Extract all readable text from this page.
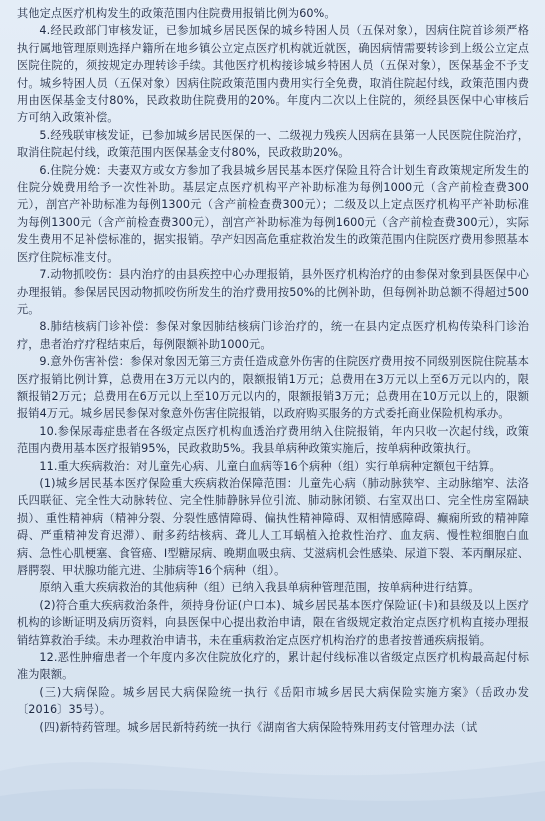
其他定点医疗机构发生的政策范围内住院费用报销比例为60%。

4.经民政部门审核发证，已参加城乡居民医保的城乡特困人员（五保对象），因病住院首诊须严格执行属地管理原则选择户籍所在地乡镇公立定点医疗机构就近就医，确因病情需要转诊到上级公立定点医院住院的，须按规定办理转诊手续。其他医疗机构接诊城乡特困人员（五保对象），医保基金不予支付。城乡特困人员（五保对象）因病住院政策范围内费用实行全免费，取消住院起付线，政策范围内费用由医保基金支付80%，民政救助住院费用的20%。年度内二次以上住院的，须经县医保中心审核后方可纳入政策补偿。

5.经残联审核发证，已参加城乡居民医保的一、二级视力残疾人因病在县第一人民医院住院治疗，取消住院起付线，政策范围内医保基金支付80%，民政救助20%。

6.住院分娩：夫妻双方或女方参加了我县城乡居民基本医疗保险且符合计划生育政策规定所发生的住院分娩费用给予一次性补助。基层定点医疗机构平产补助标准为每例1000元（含产前检查费300元），剖宫产补助标准为每例1300元（含产前检查费300元）；二级及以上定点医疗机构平产补助标准为每例1300元（含产前检查费300元），剖宫产补助标准为每例1600元（含产前检查费300元），实际发生费用不足补偿标准的，据实报销。孕产妇因高危重症救治发生的政策范围内住院医疗费用参照基本医疗住院标准支付。

7.动物抓咬伤：县内治疗的由县疾控中心办理报销，县外医疗机构治疗的由参保对象到县医保中心办理报销。参保居民因动物抓咬伤所发生的治疗费用按50%的比例补助，但每例补助总额不得超过500元。

8.肺结核病门诊补偿：参保对象因肺结核病门诊治疗的，统一在县内定点医疗机构传染科门诊治疗，患者治疗疗程结束后，每例限额补助1000元。

9.意外伤害补偿：参保对象因无第三方责任造成意外伤害的住院医疗费用按不同级别医院住院基本医疗报销比例计算，总费用在3万元以内的，限额报销1万元；总费用在3万元以上至6万元以内的，限额报销2万元；总费用在6万元以上至10万元以内的，限额报销3万元；总费用在10万元以上的，限额报销4万元。城乡居民参保对象意外伤害住院报销，以政府购买服务的方式委托商业保险机构承办。

10.参保尿毒症患者在各级定点医疗机构血透治疗费用纳入住院报销，年内只收一次起付线，政策范围内费用基本医疗报销95%，民政救助5%。我县单病种政策实施后，按单病种政策执行。

11.重大疾病救治：对儿童先心病、儿童白血病等16个病种（组）实行单病种定额包干结算。

(1)城乡居民基本医疗保险重大疾病救治保障范围：儿童先心病（肺动脉狭窄、主动脉缩窄、法洛氏四联征、完全性大动脉转位、完全性肺静脉异位引流、肺动脉闭锁、右室双出口、完全性房室隔缺损）、重性精神病（精神分裂、分裂性感情障碍、偏执性精神障碍、双相情感障碍、癫痫所致的精神障碍、严重精神发育迟滞）、耐多药结核病、聋儿人工耳蜗植入抢救性治疗、血友病、慢性粒细胞白血病、急性心肌梗塞、食管癌、I型糖尿病、晚期血吸虫病、艾滋病机会性感染、尿道下裂、苯丙酮尿症、唇腭裂、甲状腺功能亢进、尘肺病等16个病种（组）。

原纳入重大疾病救治的其他病种（组）已纳入我县单病种管理范围，按单病种进行结算。

(2)符合重大疾病救治条件，须持身份证(户口本)、城乡居民基本医疗保险证(卡)和县级及以上医疗机构的诊断证明及病历资料，向县医保中心提出救治申请，限在省级规定救治定点医疗机构直接办理报销结算救治手续。未办理救治申请书，未在重病救治定点医疗机构治疗的患者按普通疾病报销。

12.恶性肿瘤患者一个年度内多次住院放化疗的，累计起付线标准以省级定点医疗机构最高起付标准为限额。

(三)大病保险。城乡居民大病保险统一执行《岳阳市城乡居民大病保险实施方案》（岳政办发〔2016〕35号）。

(四)新特药管理。城乡居民新特药统一执行《湖南省大病保险特殊用药支付管理办法（试
